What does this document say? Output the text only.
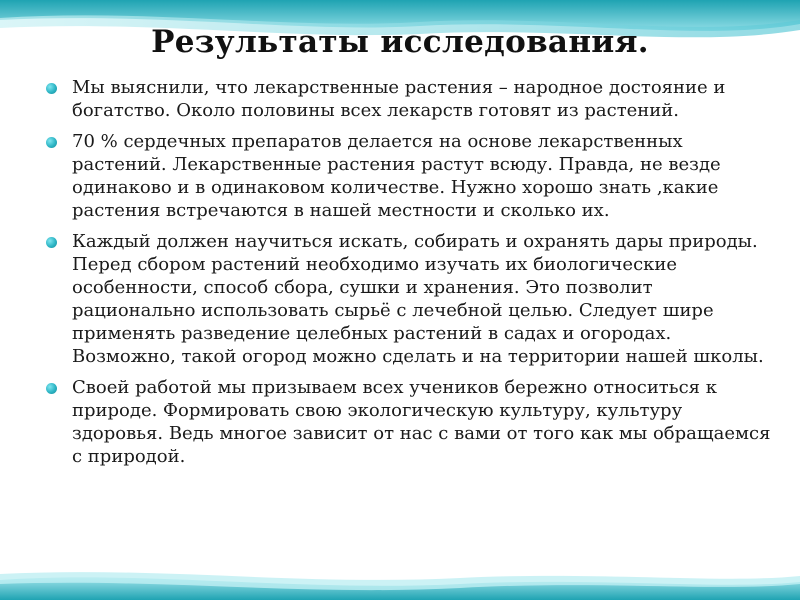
Результаты исследования.
Мы выяснили, что лекарственные растения – народное достояние и богатство. Около половины всех лекарств готовят из растений.
70 % сердечных препаратов делается на основе лекарственных растений. Лекарственные растения растут всюду. Правда, не везде одинаково и в одинаковом количестве. Нужно хорошо знать ,какие растения встречаются в нашей местности и сколько их.
Каждый должен научиться искать, собирать и охранять дары природы. Перед сбором растений необходимо изучать их биологические особенности, способ сбора, сушки и хранения. Это позволит рационально использовать сырьё с лечебной целью. Следует шире применять разведение целебных растений в садах и огородах. Возможно, такой огород можно сделать и на территории нашей школы.
Своей работой мы призываем всех учеников бережно относиться к природе. Формировать свою экологическую культуру, культуру здоровья. Ведь многое зависит от нас с вами от того как мы обращаемся с природой.
